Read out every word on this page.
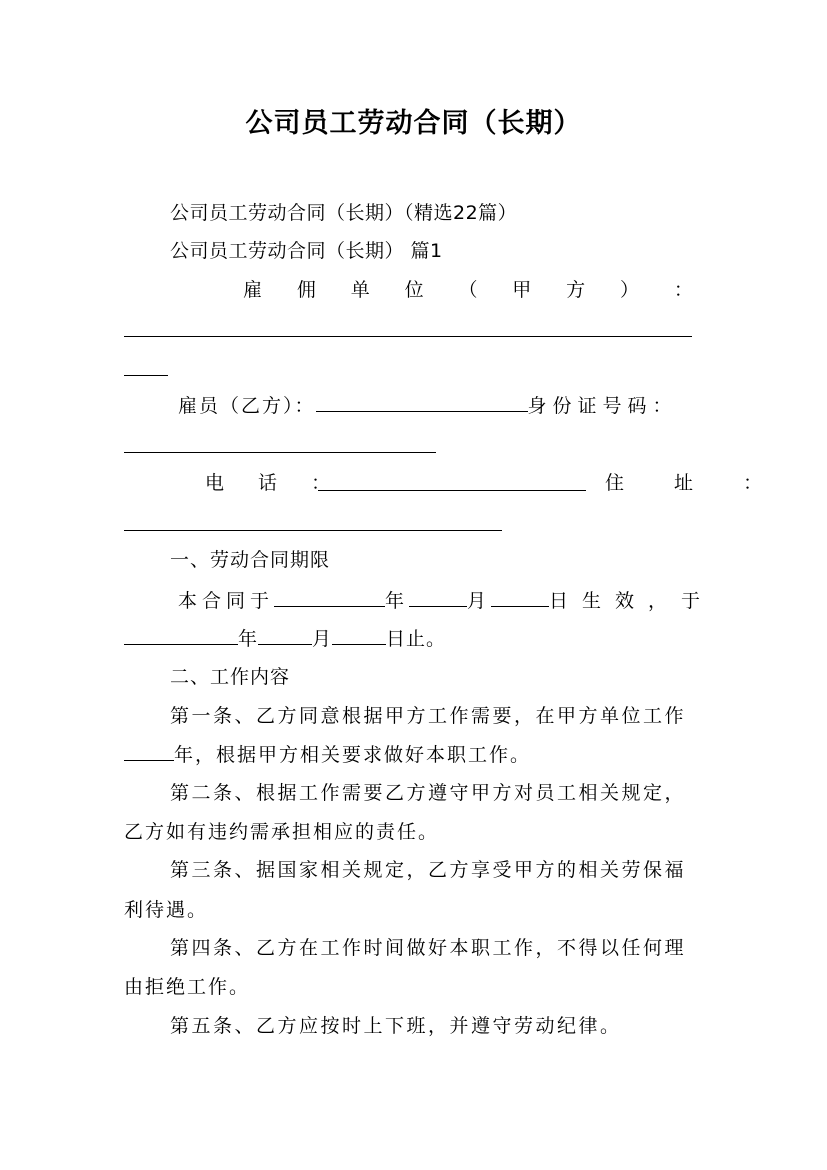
公司员工劳动合同（长期）
公司员工劳动合同（长期）（精选22篇）
公司员工劳动合同（长期） 篇1
雇 佣 单 位 （ 甲 方 ） ：
雇员（乙方）：	身份证号码：
电 话 ：	住 址 ：
一、劳动合同期限
本合同于	年	月	日生效，于
年	月	日止。
二、工作内容
第一条、乙方同意根据甲方工作需要，在甲方单位工作
年，根据甲方相关要求做好本职工作。
第二条、根据工作需要乙方遵守甲方对员工相关规定，
乙方如有违约需承担相应的责任。
第三条、据国家相关规定，乙方享受甲方的相关劳保福
利待遇。
第四条、乙方在工作时间做好本职工作，不得以任何理
由拒绝工作。
第五条、乙方应按时上下班，并遵守劳动纪律。
